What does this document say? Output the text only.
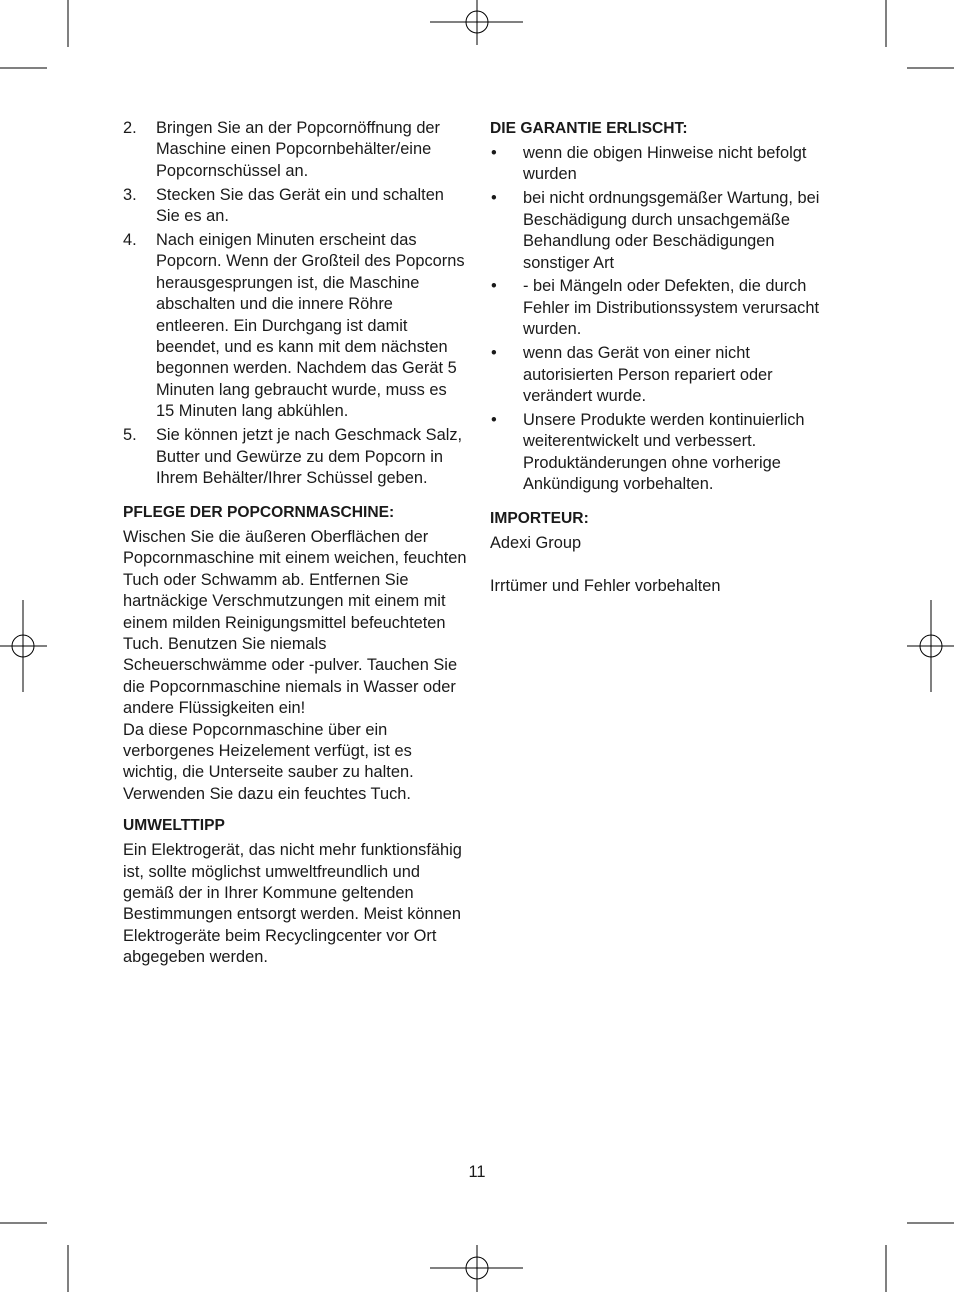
2. Bringen Sie an der Popcornöffnung der Maschine einen Popcornbehälter/eine Popcornschüssel an.
3. Stecken Sie das Gerät ein und schalten Sie es an.
4. Nach einigen Minuten erscheint das Popcorn. Wenn der Großteil des Popcorns herausgesprungen ist, die Maschine abschalten und die innere Röhre entleeren. Ein Durchgang ist damit beendet, und es kann mit dem nächsten begonnen werden. Nachdem das Gerät 5 Minuten lang gebraucht wurde, muss es 15 Minuten lang abkühlen.
5. Sie können jetzt je nach Geschmack Salz, Butter und Gewürze zu dem Popcorn in Ihrem Behälter/Ihrer Schüssel geben.
PFLEGE DER POPCORNMASCHINE:

Wischen Sie die äußeren Oberflächen der Popcornmaschine mit einem weichen, feuchten Tuch oder Schwamm ab. Entfernen Sie hartnäckige Verschmutzungen mit einem mit einem milden Reinigungsmittel befeuchteten Tuch. Benutzen Sie niemals Scheuerschwämme oder -pulver. Tauchen Sie die Popcornmaschine niemals in Wasser oder andere Flüssigkeiten ein!

Da diese Popcornmaschine über ein verborgenes Heizelement verfügt, ist es wichtig, die Unterseite sauber zu halten. Verwenden Sie dazu ein feuchtes Tuch.

UMWELTTIPP

Ein Elektrogerät, das nicht mehr funktionsfähig ist, sollte möglichst umweltfreundlich und gemäß der in Ihrer Kommune geltenden Bestimmungen entsorgt werden. Meist können Elektrogeräte beim Recyclingcenter vor Ort abgegeben werden.

DIE GARANTIE ERLISCHT:
• wenn die obigen Hinweise nicht befolgt wurden
• bei nicht ordnungsgemäßer Wartung, bei Beschädigung durch unsachgemäße Behandlung oder Beschädigungen sonstiger Art
• - bei Mängeln oder Defekten, die durch Fehler im Distributionssystem verursacht wurden.
• wenn das Gerät von einer nicht autorisierten Person repariert oder verändert wurde.
• Unsere Produkte werden kontinuierlich weiterentwickelt und verbessert. Produktänderungen ohne vorherige Ankündigung vorbehalten.
IMPORTEUR:

Adexi Group

Irrtümer und Fehler vorbehalten

11
